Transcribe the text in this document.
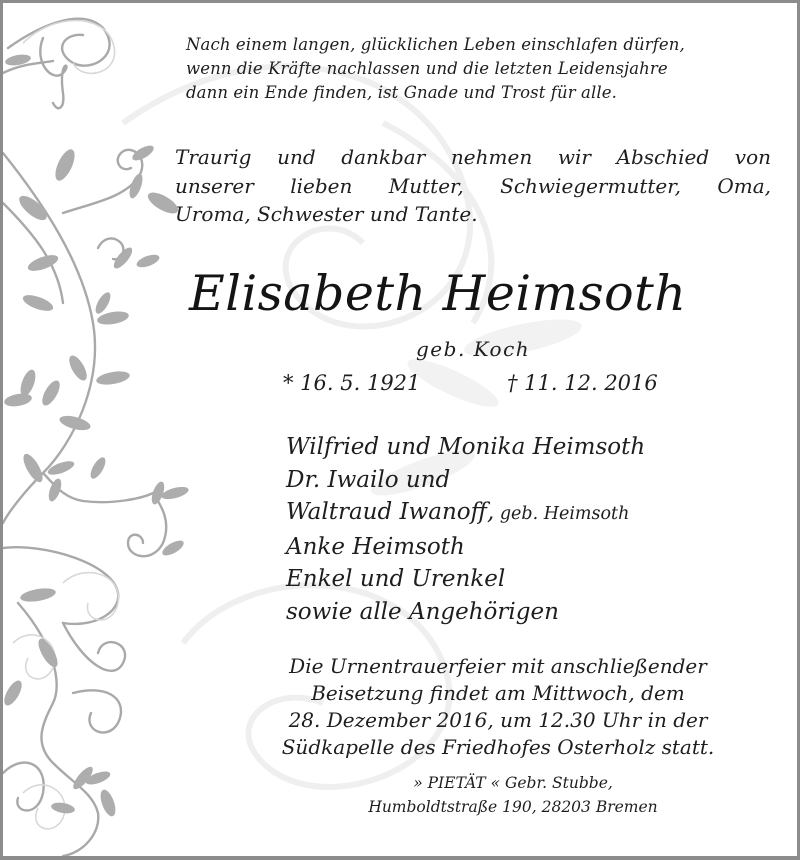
Nach einem langen, glücklichen Leben einschlafen dürfen,
wenn die Kräfte nachlassen und die letzten Leidensjahre
dann ein Ende finden, ist Gnade und Trost für alle.
Traurig und dankbar nehmen wir Abschied von
unserer lieben Mutter, Schwiegermutter, Oma,
Uroma, Schwester und Tante.
Elisabeth Heimsoth
geb. Koch
* 16. 5. 1921	† 11. 12. 2016
Wilfried und Monika Heimsoth
Dr. Iwailo und
Waltraud Iwanoff, geb. Heimsoth
Anke Heimsoth
Enkel und Urenkel
sowie alle Angehörigen
Die Urnentrauerfeier mit anschließender
Beisetzung findet am Mittwoch, dem
28. Dezember 2016, um 12.30 Uhr in der
Südkapelle des Friedhofes Osterholz statt.
» PIETÄT « Gebr. Stubbe,
Humboldtstraße 190, 28203 Bremen
